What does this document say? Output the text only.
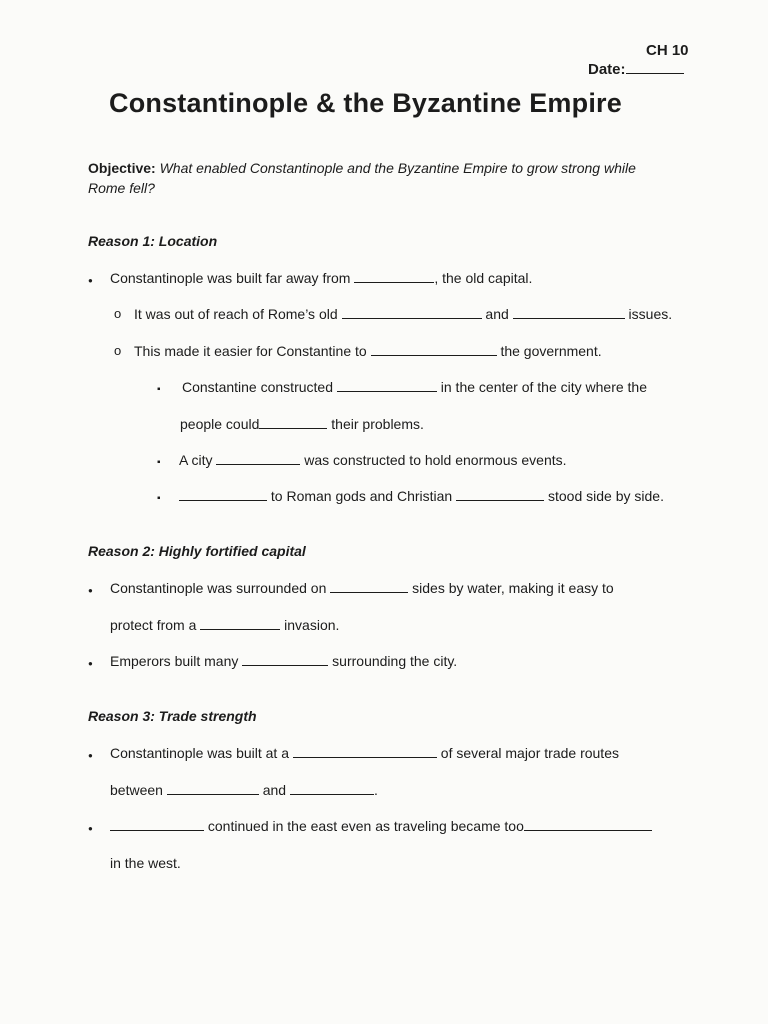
CH 10
Date:
Constantinople & the Byzantine Empire
Objective: What enabled Constantinople and the Byzantine Empire to grow strong while
Rome fell?
Reason 1: Location
●
Constantinople was built far away from	, the old capital.
o
It was out of reach of Rome’s old	and	issues.
o
This made it easier for Constantine to	the government.
▪
Constantine constructed	in the center of the city where the
people could	their problems.
▪
A city	was constructed to hold enormous events.
▪
to Roman gods and Christian	stood side by side.
Reason 2: Highly fortified capital
●
Constantinople was surrounded on	sides by water, making it easy to
protect from a	invasion.
●
Emperors built many	surrounding the city.
Reason 3: Trade strength
●
Constantinople was built at a	of several major trade routes
between	and	.
●
continued in the east even as traveling became too
in the west.
